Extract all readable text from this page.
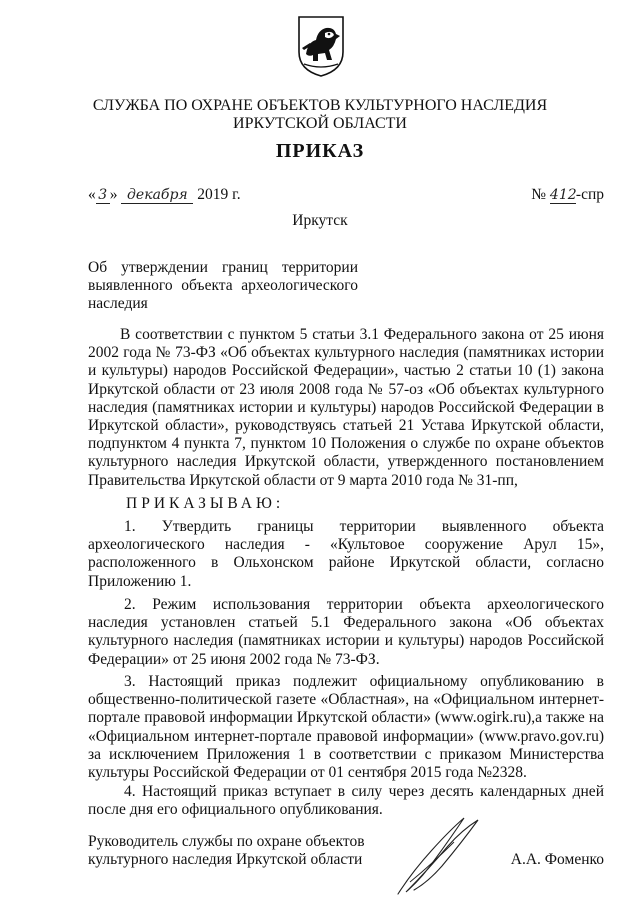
СЛУЖБА ПО ОХРАНЕ ОБЪЕКТОВ КУЛЬТУРНОГО НАСЛЕДИЯ
ИРКУТСКОЙ ОБЛАСТИ
ПРИКАЗ
« 3 » декабря 2019 г.	№ 412-спр
Иркутск
Об утверждении границ территории выявленного объекта археологического наследия
В соответствии с пунктом 5 статьи 3.1 Федерального закона от 25 июня 2002 года № 73-ФЗ «Об объектах культурного наследия (памятниках истории и культуры) народов Российской Федерации», частью 2 статьи 10 (1) закона Иркутской области от 23 июля 2008 года № 57-оз «Об объектах культурного наследия (памятниках истории и культуры) народов Российской Федерации в Иркутской области», руководствуясь статьей 21 Устава Иркутской области, подпунктом 4 пункта 7, пунктом 10 Положения о службе по охране объектов культурного наследия Иркутской области, утвержденного постановлением Правительства Иркутской области от 9 марта 2010 года № 31-пп,
ПРИКАЗЫВАЮ:
1. Утвердить границы территории выявленного объекта археологического наследия - «Культовое сооружение Арул 15», расположенного в Ольхонском районе Иркутской области, согласно Приложению 1.
2. Режим использования территории объекта археологического наследия установлен статьей 5.1 Федерального закона «Об объектах культурного наследия (памятниках истории и культуры) народов Российской Федерации» от 25 июня 2002 года № 73-ФЗ.
3. Настоящий приказ подлежит официальному опубликованию в общественно-политической газете «Областная», на «Официальном интернет-портале правовой информации Иркутской области» (www.ogirk.ru),а также на «Официальном интернет-портале правовой информации» (www.pravo.gov.ru) за исключением Приложения 1 в соответствии с приказом Министерства культуры Российской Федерации от 01 сентября 2015 года №2328.
4. Настоящий приказ вступает в силу через десять календарных дней после дня его официального опубликования.
Руководитель службы по охране объектов
культурного наследия Иркутской области	А.А. Фоменко
